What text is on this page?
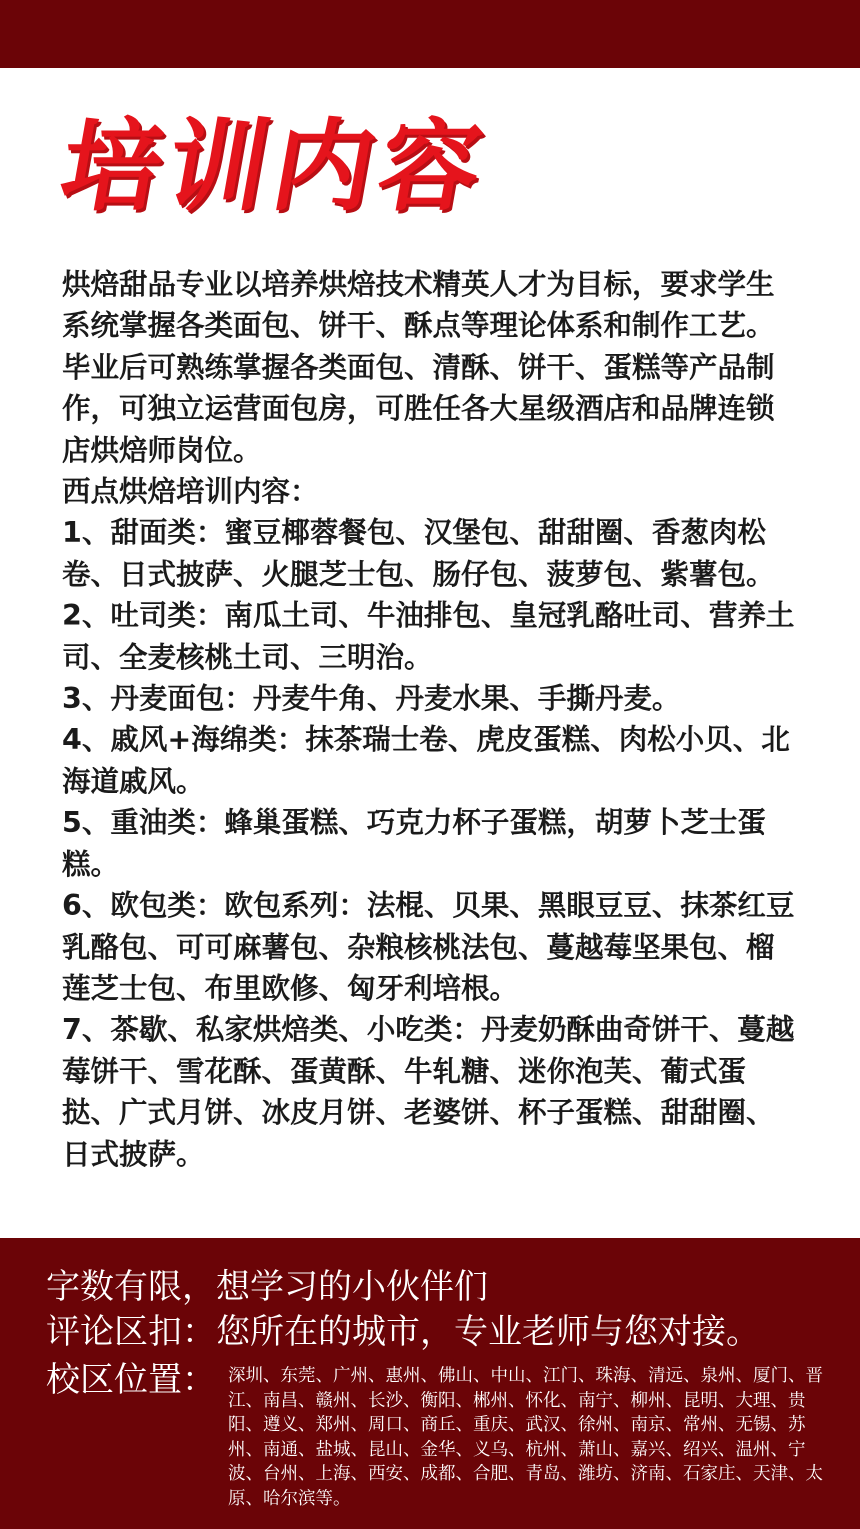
培训内容

烘焙甜品专业以培养烘焙技术精英人才为目标，要求学生系统掌握各类面包、饼干、酥点等理论体系和制作工艺。毕业后可熟练掌握各类面包、清酥、饼干、蛋糕等产品制作，可独立运营面包房，可胜任各大星级酒店和品牌连锁店烘焙师岗位。

西点烘焙培训内容：

1、甜面类：蜜豆椰蓉餐包、汉堡包、甜甜圈、香葱肉松卷、日式披萨、火腿芝士包、肠仔包、菠萝包、紫薯包。

2、吐司类：南瓜土司、牛油排包、皇冠乳酪吐司、营养土司、全麦核桃土司、三明治。

3、丹麦面包：丹麦牛角、丹麦水果、手撕丹麦。

4、戚风+海绵类：抹茶瑞士卷、虎皮蛋糕、肉松小贝、北海道戚风。

5、重油类：蜂巢蛋糕、巧克力杯子蛋糕，胡萝卜芝士蛋糕。

6、欧包类：欧包系列：法棍、贝果、黑眼豆豆、抹茶红豆乳酪包、可可麻薯包、杂粮核桃法包、蔓越莓坚果包、榴莲芝士包、布里欧修、匈牙利培根。

7、茶歇、私家烘焙类、小吃类：丹麦奶酥曲奇饼干、蔓越莓饼干、雪花酥、蛋黄酥、牛轧糖、迷你泡芙、葡式蛋挞、广式月饼、冰皮月饼、老婆饼、杯子蛋糕、甜甜圈、日式披萨。

字数有限，想学习的小伙伴们
评论区扣：您所在的城市，专业老师与您对接。
校区位置： 深圳、东莞、广州、惠州、佛山、中山、江门、珠海、清远、泉州、厦门、晋江、南昌、赣州、长沙、衡阳、郴州、怀化、南宁、柳州、昆明、大理、贵阳、遵义、郑州、周口、商丘、重庆、武汉、徐州、南京、常州、无锡、苏州、南通、盐城、昆山、金华、义乌、杭州、萧山、嘉兴、绍兴、温州、宁波、台州、上海、西安、成都、合肥、青岛、潍坊、济南、石家庄、天津、太原、哈尔滨等。
